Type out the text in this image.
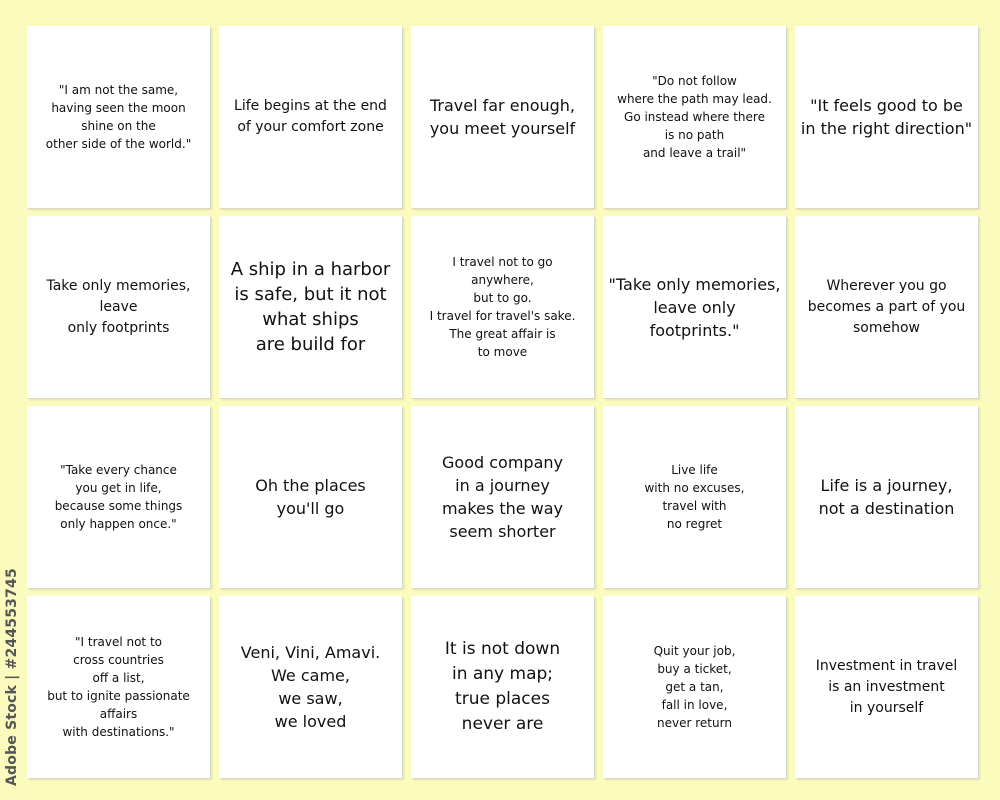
"I am not the same,
having seen the moon
shine on the
other side of the world."

Life begins at the end
of your comfort zone

Travel far enough,
you meet yourself

"Do not follow
where the path may lead.
Go instead where there
is no path
and leave a trail"

"It feels good to be
in the right direction"

Take only memories,
leave
only footprints

A ship in a harbor
is safe, but it not
what ships
are build for

I travel not to go
anywhere,
but to go.
I travel for travel's sake.
The great affair is
to move

"Take only memories,
leave only footprints."

Wherever you go
becomes a part of you
somehow

"Take every chance
you get in life,
because some things
only happen once."

Oh the places
you'll go

Good company
in a journey
makes the way
seem shorter

Live life
with no excuses,
travel with
no regret

Life is a journey,
not a destination

"I travel not to
cross countries
off a list,
but to ignite passionate
affairs
with destinations."

Veni, Vini, Amavi.
We came,
we saw,
we loved

It is not down
in any map;
true places
never are

Quit your job,
buy a ticket,
get a tan,
fall in love,
never return

Investment in travel
is an investment
in yourself

Adobe Stock | #244553745
